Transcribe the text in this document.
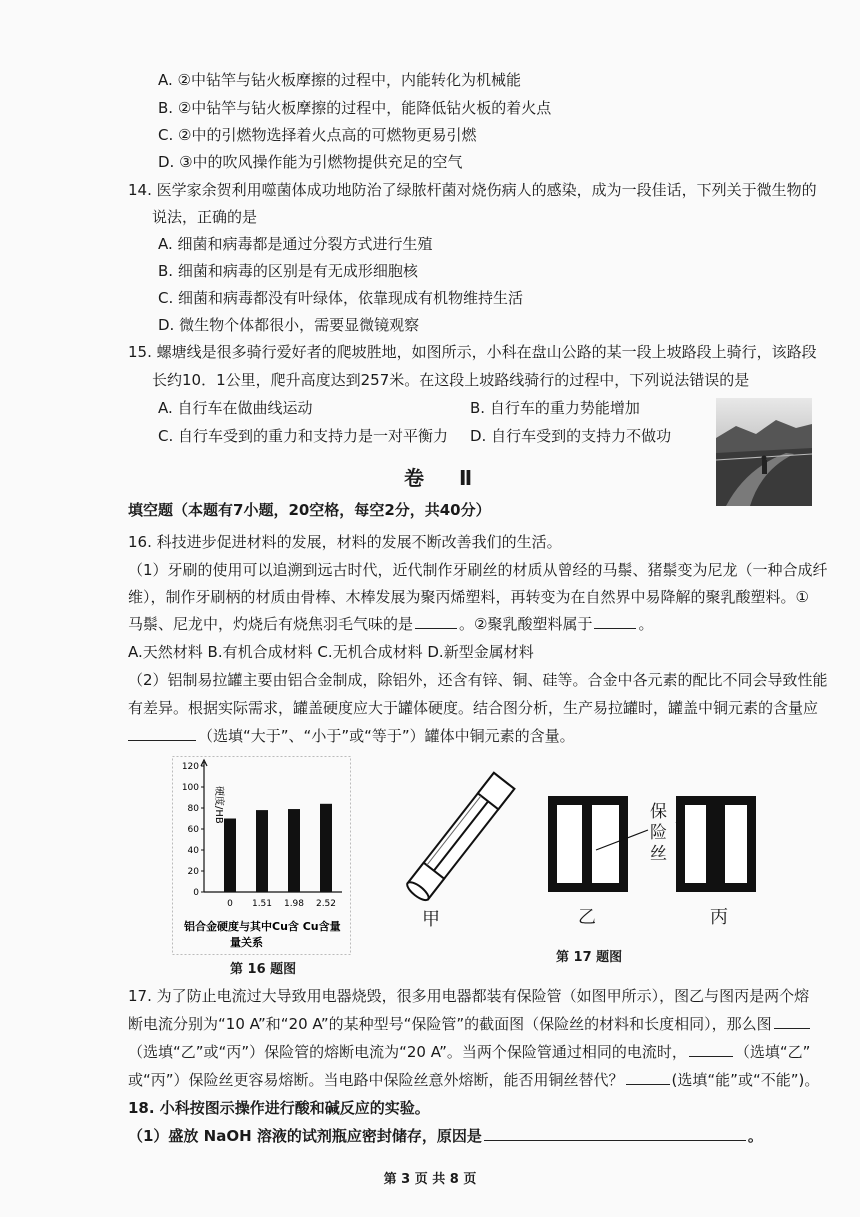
A. ②中钻竿与钻火板摩擦的过程中，内能转化为机械能
B. ②中钻竿与钻火板摩擦的过程中，能降低钻火板的着火点
C. ②中的引燃物选择着火点高的可燃物更易引燃
D. ③中的吹风操作能为引燃物提供充足的空气
14. 医学家余贺利用噬菌体成功地防治了绿脓杆菌对烧伤病人的感染，成为一段佳话，下列关于微生物的
说法，正确的是
A. 细菌和病毒都是通过分裂方式进行生殖
B. 细菌和病毒的区别是有无成形细胞核
C. 细菌和病毒都没有叶绿体，依靠现成有机物维持生活
D. 微生物个体都很小，需要显微镜观察
15. 螺塘线是很多骑行爱好者的爬坡胜地，如图所示，小科在盘山公路的某一段上坡路段上骑行，该路段
长约10．1公里，爬升高度达到257米。在这段上坡路线骑行的过程中，下列说法错误的是
A. 自行车在做曲线运动	B. 自行车的重力势能增加
C. 自行车受到的重力和支持力是一对平衡力 D. 自行车受到的支持力不做功
卷 Ⅱ
填空题（本题有7小题，20空格，每空2分，共40分）
16. 科技进步促进材料的发展，材料的发展不断改善我们的生活。
（1）牙刷的使用可以追溯到远古时代，近代制作牙刷丝的材质从曾经的马鬃、猪鬃变为尼龙（一种合成纤
维），制作牙刷柄的材质由骨棒、木棒发展为聚丙烯塑料，再转变为在自然界中易降解的聚乳酸塑料。①
马鬃、尼龙中，灼烧后有烧焦羽毛气味的是	。②聚乳酸塑料属于	。
A.天然材料 B.有机合成材料 C.无机合成材料 D.新型金属材料
（2）铝制易拉罐主要由铝合金制成，除铝外，还含有锌、铜、硅等。合金中各元素的配比不同会导致性能
有差异。根据实际需求，罐盖硬度应大于罐体硬度。结合图分析，生产易拉罐时，罐盖中铜元素的含量应
（选填“大于”、“小于”或“等于”）罐体中铜元素的含量。
0
20
40
60
80
100
120
0 1.51 1.98 2.52
硬度/HB
铝合金硬度与其中Cu含 Cu含量
量关系
第 16 题图
甲	乙
保险丝
丙
第 17 题图
17. 为了防止电流过大导致用电器烧毁，很多用电器都装有保险管（如图甲所示），图乙与图丙是两个熔
断电流分别为“10 A”和“20 A”的某种型号“保险管”的截面图（保险丝的材料和长度相同），那么图
（选填“乙”或“丙”）保险管的熔断电流为“20 A”。当两个保险管通过相同的电流时，	（选填“乙”
或“丙”）保险丝更容易熔断。当电路中保险丝意外熔断，能否用铜丝替代？	(选填“能”或“不能”)。
18. 小科按图示操作进行酸和碱反应的实验。
（1）盛放 NaOH 溶液的试剂瓶应密封储存，原因是	。
第 3 页 共 8 页
